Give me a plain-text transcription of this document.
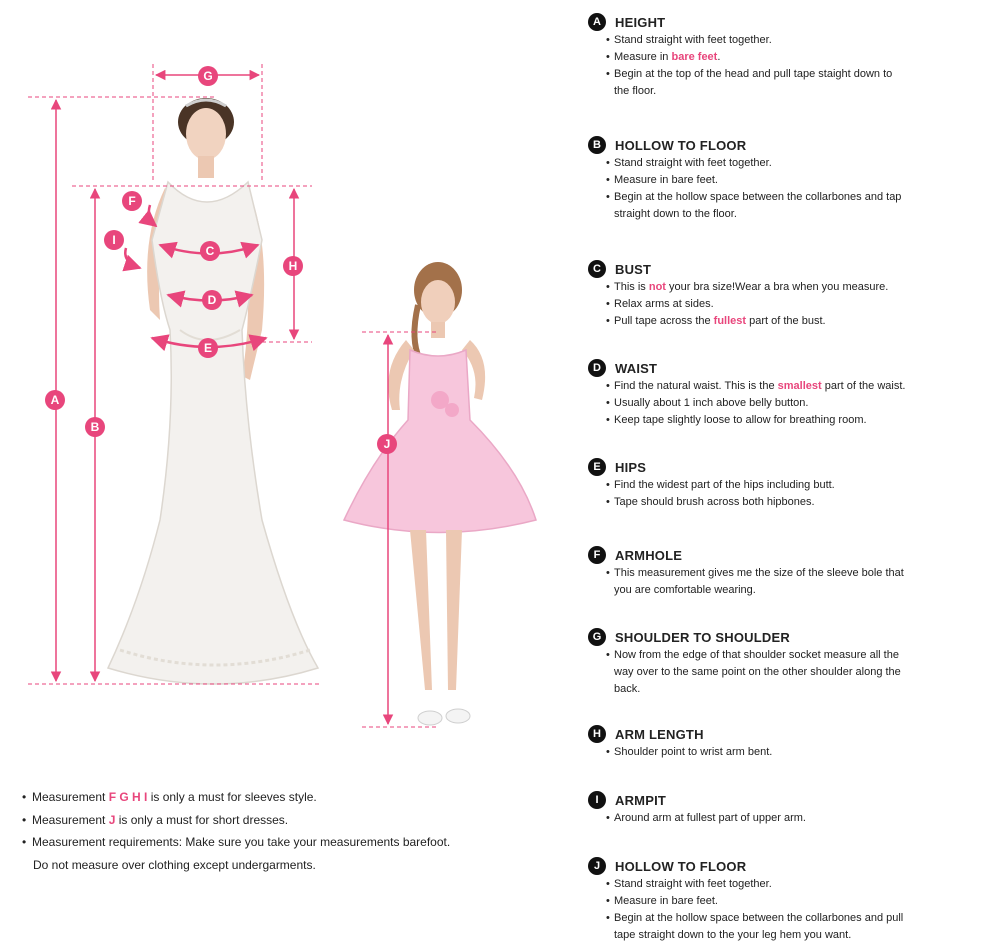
A
B
C
D
E
F
G
H
I
J
A	HEIGHT
• Stand straight with feet together.
• Measure in bare feet.
• Begin at the top of the head and pull tape staight down to
the floor.
B	HOLLOW TO FLOOR
• Stand straight with feet together.
• Measure in bare feet.
• Begin at the hollow space between the collarbones and tap
straight down to the floor.
C	BUST
• This is not your bra size!Wear a bra when you measure.
• Relax arms at sides.
• Pull tape across the fullest part of the bust.
D	WAIST
• Find the natural waist. This is the smallest part of the waist.
• Usually about 1 inch above belly button.
• Keep tape slightly loose to allow for breathing room.
E	HIPS
• Find the widest part of the hips including butt.
• Tape should brush across both hipbones.
F	ARMHOLE
• This measurement gives me the size of the sleeve bole that
you are comfortable wearing.
G	SHOULDER TO SHOULDER
• Now from the edge of that shoulder socket measure all the
way over to the same point on the other shoulder along the
back.
H	ARM LENGTH
• Shoulder point to wrist arm bent.
I	ARMPIT
• Around arm at fullest part of upper arm.
J	HOLLOW TO FLOOR
• Stand straight with feet together.
• Measure in bare feet.
• Begin at the hollow space between the collarbones and pull
tape straight down to the your leg hem you want.
• Measurement F G H I is only a must for sleeves style.
• Measurement J is only a must for short dresses.
• Measurement requirements: Make sure you take your measurements barefoot.
Do not measure over clothing except undergarments.
